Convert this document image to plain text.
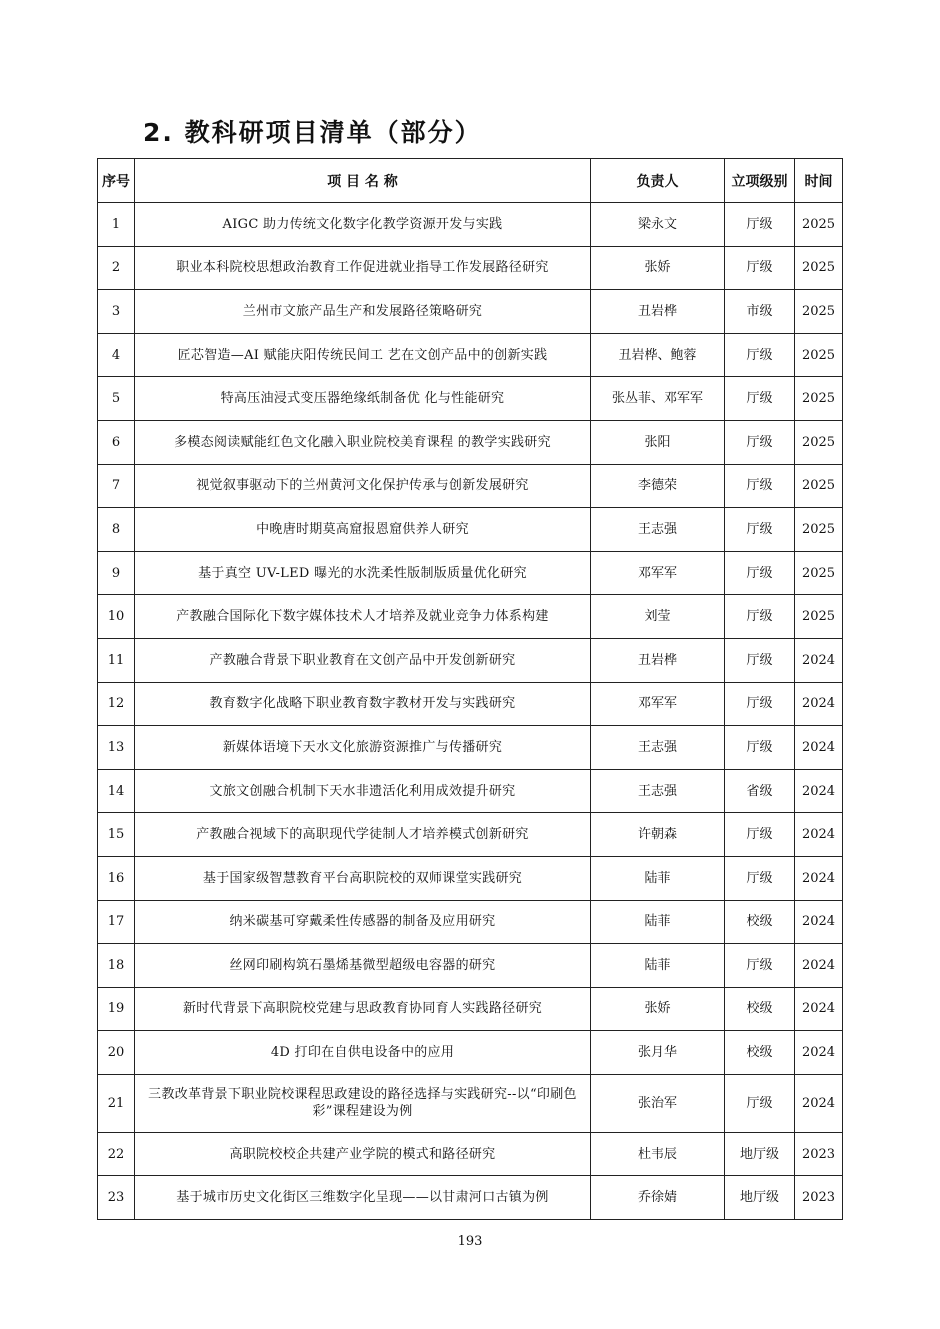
2. 教科研项目清单（部分）
序号	项 目 名 称	负责人	立项级别	时间
1	AIGC 助力传统文化数字化教学资源开发与实践	梁永文	厅级	2025
2	职业本科院校思想政治教育工作促进就业指导工作发展路径研究	张娇	厅级	2025
3	兰州市文旅产品生产和发展路径策略研究	丑岩桦	市级	2025
4	匠芯智造—AI 赋能庆阳传统民间工 艺在文创产品中的创新实践	丑岩桦、鲍蓉	厅级	2025
5	特高压油浸式变压器绝缘纸制备优 化与性能研究	张丛菲、邓军军	厅级	2025
6	多模态阅读赋能红色文化融入职业院校美育课程 的教学实践研究	张阳	厅级	2025
7	视觉叙事驱动下的兰州黄河文化保护传承与创新发展研究	李德荣	厅级	2025
8	中晚唐时期莫高窟报恩窟供养人研究	王志强	厅级	2025
9	基于真空 UV-LED 曝光的水洗柔性版制版质量优化研究	邓军军	厅级	2025
10	产教融合国际化下数字媒体技术人才培养及就业竞争力体系构建	刘莹	厅级	2025
11	产教融合背景下职业教育在文创产品中开发创新研究	丑岩桦	厅级	2024
12	教育数字化战略下职业教育数字教材开发与实践研究	邓军军	厅级	2024
13	新媒体语境下天水文化旅游资源推广与传播研究	王志强	厅级	2024
14	文旅文创融合机制下天水非遗活化利用成效提升研究	王志强	省级	2024
15	产教融合视域下的高职现代学徒制人才培养模式创新研究	许朝森	厅级	2024
16	基于国家级智慧教育平台高职院校的双师课堂实践研究	陆菲	厅级	2024
17	纳米碳基可穿戴柔性传感器的制备及应用研究	陆菲	校级	2024
18	丝网印刷构筑石墨烯基微型超级电容器的研究	陆菲	厅级	2024
19	新时代背景下高职院校党建与思政教育协同育人实践路径研究	张娇	校级	2024
20	4D 打印在自供电设备中的应用	张月华	校级	2024
21	三教改革背景下职业院校课程思政建设的路径选择与实践研究--以“印刷色彩”课程建设为例	张治军	厅级	2024
22	高职院校校企共建产业学院的模式和路径研究	杜韦辰	地厅级	2023
23	基于城市历史文化街区三维数字化呈现——以甘肃河口古镇为例	乔徐婧	地厅级	2023
193
